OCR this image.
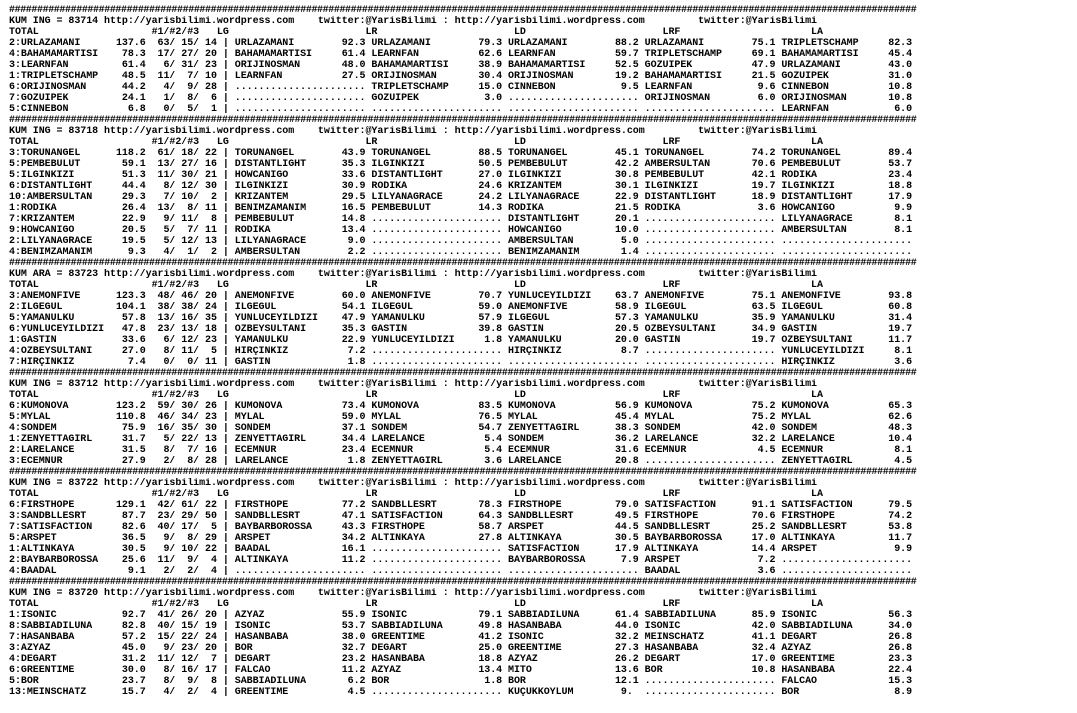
##################################################################################################################################################################
KUM ING = 83714 http://yarisbilimi.wordpress.com    twitter:@YarisBilimi : http://yarisbilimi.wordpress.com         twitter:@YarisBilimi
TOTAL                   #1/#2/#3   LG                       LR                       LD                       LRF                      LA
2:URLAZAMANI      137.6  63/ 15/ 14 | URLAZAMANI        92.3 URLAZAMANI        79.3 URLAZAMANI        88.2 URLAZAMANI        75.1 TRIPLETSCHAMP     82.3
4:BAHAMAMARTISI    78.3  17/ 27/ 20 | BAHAMAMARTISI     61.4 LEARNFAN          62.6 LEARNFAN          59.7 TRIPLETSCHAMP     69.1 BAHAMAMARTISI     45.4
3:LEARNFAN         61.4   6/ 31/ 23 | ORIJINOSMAN       48.0 BAHAMAMARTISI     38.9 BAHAMAMARTISI     52.5 GÖZÜIPEK          47.9 URLAZAMANI        43.0
1:TRIPLETSCHAMP    48.5  11/  7/ 10 | LEARNFAN          27.5 ORIJINOSMAN       30.4 ORIJINOSMAN       19.2 BAHAMAMARTISI     21.5 GÖZÜIPEK          31.0
6:ORIJINOSMAN      44.2   4/  9/ 28 | ...................... TRIPLETSCHAMP     15.0 CINNEBON           9.5 LEARNFAN           9.6 CINNEBON          10.8
7:GÖZÜIPEK         24.1   1/  8/  6 | ...................... GÖZÜIPEK           3.0 ...................... ORIJINOSMAN        6.0 ORIJINOSMAN       10.8
5:CINNEBON          6.8   0/  5/  1 | ...................... ...................... ...................... ...................... LEARNFAN           6.0
##################################################################################################################################################################
KUM ING = 83718 http://yarisbilimi.wordpress.com    twitter:@YarisBilimi : http://yarisbilimi.wordpress.com         twitter:@YarisBilimi
TOTAL                   #1/#2/#3   LG                       LR                       LD                       LRF                      LA
3:TORUNANGEL      118.2  61/ 18/ 22 | TORUNANGEL        43.9 TORUNANGEL        88.5 TORUNANGEL        45.1 TORUNANGEL        74.2 TORUNANGEL        89.4
5:PEMBEBULUT       59.1  13/ 27/ 16 | DISTANTLIGHT      35.3 ILGINKIZI         50.5 PEMBEBULUT        42.2 AMBERSULTAN       70.6 PEMBEBULUT        53.7
5:ILGINKIZI        51.3  11/ 30/ 21 | HOWCANIGO         33.6 DISTANTLIGHT      27.0 ILGINKIZI         30.8 PEMBEBULUT        42.1 RODIKA            23.4
6:DISTANTLIGHT     44.4   8/ 12/ 30 | ILGINKIZI         30.9 RODIKA            24.6 KRIZANTEM         30.1 ILGINKIZI         19.7 ILGINKIZI         18.8
10:AMBERSULTAN     29.3   7/ 10/  2 | KRIZANTEM         29.5 LILYANAGRACE      24.2 LILYANAGRACE      22.9 DISTANTLIGHT      18.9 DISTANTLIGHT      17.9
1:RODIKA           26.4  13/  8/ 11 | BENIMZAMANIM      16.5 PEMBEBULUT        14.3 RODIKA            21.5 RODIKA             3.6 HOWCANIGO          9.9
7:KRIZANTEM        22.9   9/ 11/  8 | PEMBEBULUT        14.8 ...................... DISTANTLIGHT      20.1 ...................... LILYANAGRACE       8.1
9:HOWCANIGO        20.5   5/  7/ 11 | RODIKA            13.4 ...................... HOWCANIGO         10.0 ...................... AMBERSULTAN        8.1
2:LILYANAGRACE     19.5   5/ 12/ 13 | LILYANAGRACE       9.0 ...................... AMBERSULTAN        5.0 ...................... ......................
4:BENIMZAMANIM      9.3   4/  1/  2 | AMBERSULTAN        2.2 ...................... BENIMZAMANIM       1.4 ...................... ......................
##################################################################################################################################################################
KUM ARA = 83723 http://yarisbilimi.wordpress.com    twitter:@YarisBilimi : http://yarisbilimi.wordpress.com         twitter:@YarisBilimi
TOTAL                   #1/#2/#3   LG                       LR                       LD                       LRF                      LA
3:ANEMONFIVE      123.3  48/ 46/ 20 | ANEMONFIVE        60.0 ANEMONFIVE        70.7 YÜNLÜCEYILDIZI    63.7 ANEMONFIVE        75.1 ANEMONFIVE        93.8
2:ILGEGÜL         104.1  38/ 38/ 24 | ILGEGÜL           54.1 ILGEGÜL           59.0 ANEMONFIVE        58.9 ILGEGÜL           63.5 ILGEGÜL           60.8
5:YAMANÜLKÜ        57.8  13/ 16/ 35 | YÜNLÜCEYILDIZI    47.9 YAMANÜLKÜ         57.9 ILGEGÜL           57.3 YAMANÜLKÜ         35.9 YAMANÜLKÜ         31.4
6:YÜNLÜCEYILDIZI   47.8  23/ 13/ 18 | ÖZBEYSULTANI      35.3 GASTIN            39.8 GASTIN            20.5 ÖZBEYSULTANI      34.9 GASTIN            19.7
1:GASTIN           33.6   6/ 12/ 23 | YAMANÜLKÜ         22.9 YÜNLÜCEYILDIZI     1.8 YAMANÜLKÜ         20.0 GASTIN            19.7 ÖZBEYSULTANI      11.7
4:ÖZBEYSULTANI     27.0   8/ 11/  5 | HIRÇINKIZ          7.2 ...................... HIRÇINKIZ          8.7 ...................... YÜNLÜCEYILDIZI     8.1
7:HIRÇINKIZ         7.4   0/  0/ 11 | GASTIN             1.8 ...................... ...................... ...................... HIRÇINKIZ          3.6
##################################################################################################################################################################
KUM ING = 83712 http://yarisbilimi.wordpress.com    twitter:@YarisBilimi : http://yarisbilimi.wordpress.com         twitter:@YarisBilimi
TOTAL                   #1/#2/#3   LG                       LR                       LD                       LRF                      LA
6:KUMONOVA        123.2  59/ 30/ 26 | KUMONOVA          73.4 KUMONOVA          83.5 KUMONOVA          56.9 KUMONOVA          75.2 KUMONOVA          65.3
5:MYLAL           110.8  46/ 34/ 23 | MYLAL             59.0 MYLAL             76.5 MYLAL             45.4 MYLAL             75.2 MYLAL             62.6
4:SONDEM           75.9  16/ 35/ 30 | SONDEM            37.1 SONDEM            54.7 ZENYETTAGIRL      38.3 SONDEM            42.0 SONDEM            48.3
1:ZENYETTAGIRL     31.7   5/ 22/ 13 | ZENYETTAGIRL      34.4 LARELANCE          5.4 SONDEM            36.2 LARELANCE         32.2 LARELANCE         10.4
2:LARELANCE        31.5   8/  7/ 16 | ECEMNUR           23.4 ECEMNUR            5.4 ECEMNUR           31.6 ECEMNUR            4.5 ECEMNUR            8.1
3:ECEMNUR          27.9   2/  8/ 28 | LARELANCE          1.8 ZENYETTAGIRL       3.6 LARELANCE         20.8 ...................... ZENYETTAGIRL       4.5
##################################################################################################################################################################
KUM ING = 83722 http://yarisbilimi.wordpress.com    twitter:@YarisBilimi : http://yarisbilimi.wordpress.com         twitter:@YarisBilimi
TOTAL                   #1/#2/#3   LG                       LR                       LD                       LRF                      LA
6:FIRSTHOPE       129.1  42/ 61/ 22 | FIRSTHOPE         77.2 SANDBLLESRT       78.3 FIRSTHOPE         79.0 SATISFACTION      91.1 SATISFACTION      79.5
3:SANDBLLESRT      87.7  23/ 29/ 50 | SANDBLLESRT       47.1 SATISFACTION      64.3 SANDBLLESRT       49.5 FIRSTHOPE         70.6 FIRSTHOPE         74.2
7:SATISFACTION     82.6  40/ 17/  5 | BAYBARBOROSSA     43.3 FIRSTHOPE         58.7 ARSPET            44.5 SANDBLLESRT       25.2 SANDBLLESRT       53.8
5:ARSPET           36.5   9/  8/ 29 | ARSPET            34.2 ALTINKAYA         27.8 ALTINKAYA         30.5 BAYBARBOROSSA     17.0 ALTINKAYA         11.7
1:ALTINKAYA        30.5   9/ 10/ 22 | BAADAL            16.1 ...................... SATISFACTION      17.9 ALTINKAYA         14.4 ARSPET             9.9
2:BAYBARBOROSSA    25.6  11/  9/  4 | ALTINKAYA         11.2 ...................... BAYBARBOROSSA      7.9 ARSPET             7.2 ......................
4:BAADAL            9.1   2/  2/  4 | ...................... ...................... ...................... BAADAL             3.6 ......................
##################################################################################################################################################################
KUM ING = 83720 http://yarisbilimi.wordpress.com    twitter:@YarisBilimi : http://yarisbilimi.wordpress.com         twitter:@YarisBilimi
TOTAL                   #1/#2/#3   LG                       LR                       LD                       LRF                      LA
1:ISONIC           92.7  41/ 26/ 20 | AZYAZ             55.9 ISONIC            79.1 SABBIADILUNA      61.4 SABBIADILUNA      85.9 ISONIC            56.3
8:SABBIADILUNA     82.8  40/ 15/ 19 | ISONIC            53.7 SABBIADILUNA      49.8 HASANBABA         44.0 ISONIC            42.0 SABBIADILUNA      34.0
7:HASANBABA        57.2  15/ 22/ 24 | HASANBABA         38.0 GREENTIME         41.2 ISONIC            32.2 MEINSCHATZ        41.1 DEGART            26.8
3:AZYAZ            45.0   9/ 23/ 20 | BOR               32.7 DEGART            25.0 GREENTIME         27.3 HASANBABA         32.4 AZYAZ             26.8
4:DEGART           31.2  11/ 12/  7 | DEGART            23.2 HASANBABA         18.8 AZYAZ             26.2 DEGART            17.0 GREENTIME         23.3
6:GREENTIME        30.0   8/ 16/ 17 | FALCAO            11.2 AZYAZ             13.4 MITO              13.6 BOR               10.8 HASANBABA         22.4
5:BOR              23.7   8/  9/  8 | SABBIADILUNA       6.2 BOR                1.8 BOR               12.1 ...................... FALCAO            15.3
13:MEINSCHATZ      15.7   4/  2/  4 | GREENTIME          4.5 ...................... KÜÇÜKKÖYLÜM        9.  ...................... BOR                8.9
